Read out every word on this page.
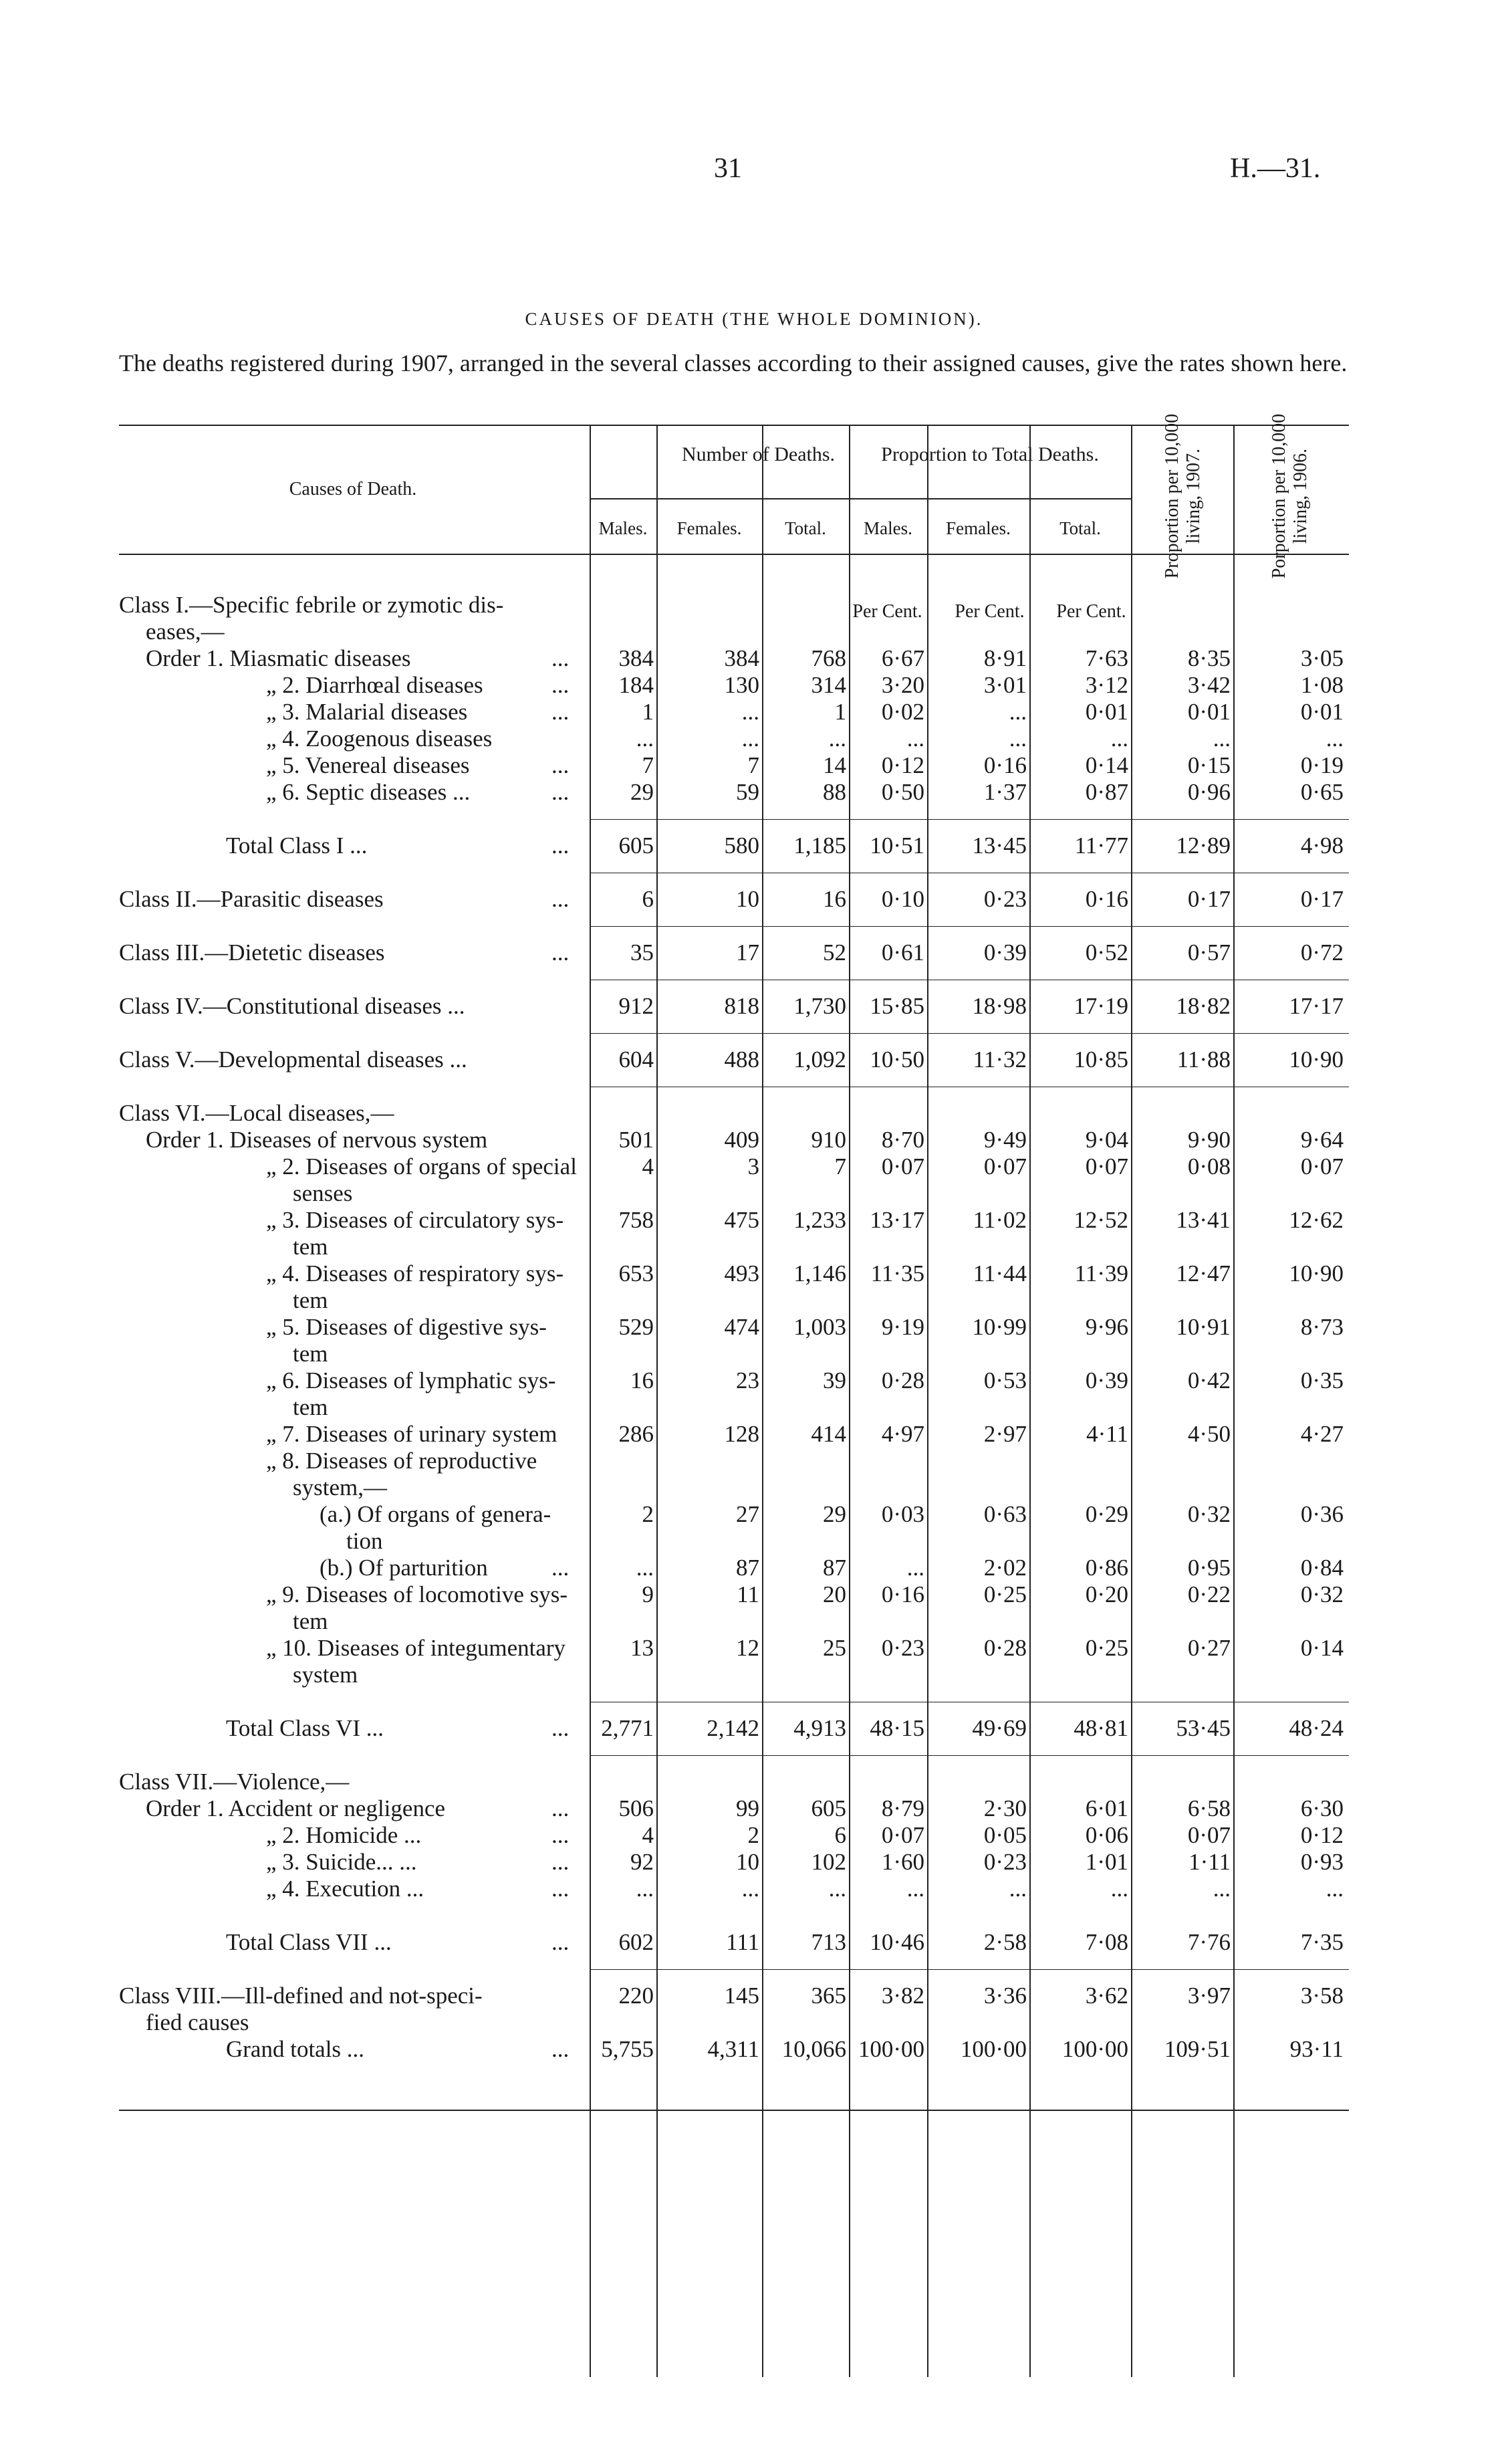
31	H.—31.
CAUSES OF DEATH (THE WHOLE DOMINION).
The deaths registered during 1907, arranged in the several classes according to their assigned causes, give the rates shown here.
Causes of Death.
Number of Deaths.	Proportion to Total Deaths.
Males.	Females.	Total.	Males.	Females.	Total.	Proportion per 10,000 living, 1907.	Porportion per 10,000 living, 1906.
Per Cent. Per Cent. Per Cent.
Class I.—Specific febrile or zymotic dis-
eases,—
Order 1. Miasmatic diseases	...	384	384	768	6·67	8·91	7·63	8·35	3·05
„ 2. Diarrhœal diseases	...	184	130	314	3·20	3·01	3·12	3·42	1·08
„ 3. Malarial diseases	...	1	...	1	0·02	...	0·01	0·01	0·01
„ 4. Zoogenous diseases	...	...	...	...	...	...	...	...
„ 5. Venereal diseases	...	7	7	14	0·12	0·16	0·14	0·15	0·19
„ 6. Septic diseases ...	...	29	59	88	0·50	1·37	0·87	0·96	0·65
Total Class I ...	...	605	580	1,185	10·51	13·45	11·77	12·89	4·98
Class II.—Parasitic diseases	...	6	10	16	0·10	0·23	0·16	0·17	0·17
Class III.—Dietetic diseases	...	35	17	52	0·61	0·39	0·52	0·57	0·72
Class IV.—Constitutional diseases ...	912	818	1,730	15·85	18·98	17·19	18·82	17·17
Class V.—Developmental diseases ...	604	488	1,092	10·50	11·32	10·85	11·88	10·90
Class VI.—Local diseases,—
Order 1. Diseases of nervous system	501	409	910	8·70	9·49	9·04	9·90	9·64
„ 2. Diseases of organs of special
senses
4	3	7	0·07	0·07	0·07	0·08	0·07
„ 3. Diseases of circulatory sys-
tem
758	475	1,233	13·17	11·02	12·52	13·41	12·62
„ 4. Diseases of respiratory sys-
tem
653	493	1,146	11·35	11·44	11·39	12·47	10·90
„ 5. Diseases of digestive sys-
tem
529	474	1,003	9·19	10·99	9·96	10·91	8·73
„ 6. Diseases of lymphatic sys-
tem
16	23	39	0·28	0·53	0·39	0·42	0·35
„ 7. Diseases of urinary system	286	128	414	4·97	2·97	4·11	4·50	4·27
„ 8. Diseases of reproductive
system,—
(a.) Of organs of genera-
tion
2	27	29	0·03	0·63	0·29	0·32	0·36
(b.) Of parturition	...	...	87	87	...	2·02	0·86	0·95	0·84
„ 9. Diseases of locomotive sys-
tem
9	11	20	0·16	0·25	0·20	0·22	0·32
„ 10. Diseases of integumentary
system
13	12	25	0·23	0·28	0·25	0·27	0·14
Total Class VI ...	...	2,771	2,142	4,913	48·15	49·69	48·81	53·45	48·24
Class VII.—Violence,—
Order 1. Accident or negligence	...	506	99	605	8·79	2·30	6·01	6·58	6·30
„ 2. Homicide ...	...	4	2	6	0·07	0·05	0·06	0·07	0·12
„ 3. Suicide... ...	...	92	10	102	1·60	0·23	1·01	1·11	0·93
„ 4. Execution ...	...	...	...	...	...	...	...	...	...
Total Class VII ...	...	602	111	713	10·46	2·58	7·08	7·76	7·35
Class VIII.—Ill-defined and not-speci-
fied causes
220	145	365	3·82	3·36	3·62	3·97	3·58
Grand totals ...	...	5,755	4,311 10,066 100·00	100·00	100·00	109·51	93·11
